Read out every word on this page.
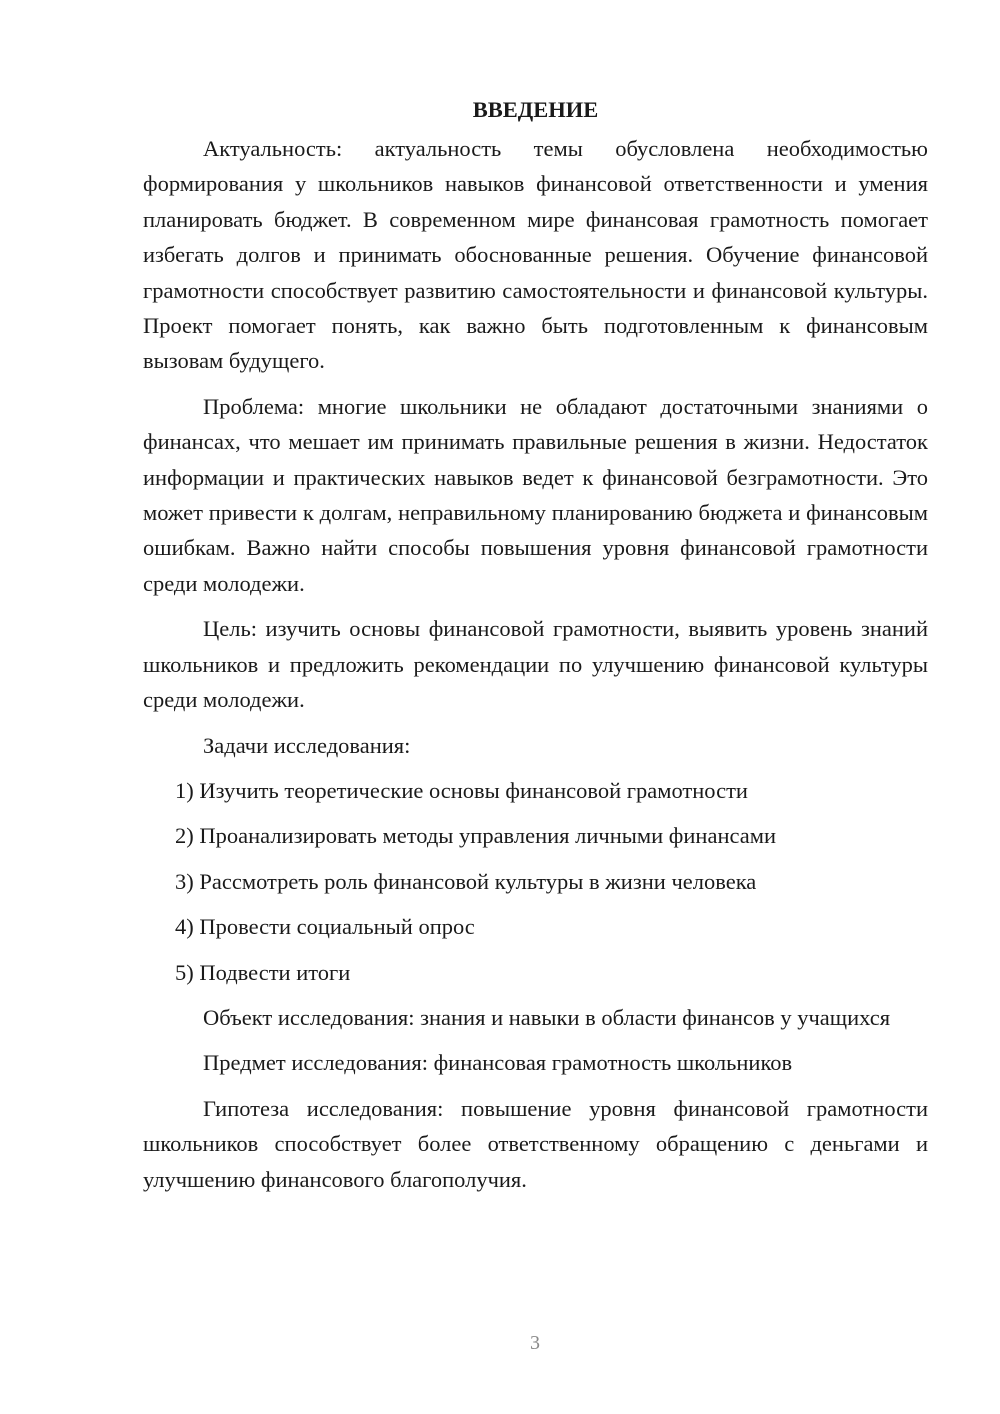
ВВЕДЕНИЕ

Актуальность: актуальность темы обусловлена необходимостью формирования у школьников навыков финансовой ответственности и умения планировать бюджет. В современном мире финансовая грамотность помогает избегать долгов и принимать обоснованные решения. Обучение финансовой грамотности способствует развитию самостоятельности и финансовой культуры. Проект помогает понять, как важно быть подготовленным к финансовым вызовам будущего.

Проблема: многие школьники не обладают достаточными знаниями о финансах, что мешает им принимать правильные решения в жизни. Недостаток информации и практических навыков ведет к финансовой безграмотности. Это может привести к долгам, неправильному планированию бюджета и финансовым ошибкам. Важно найти способы повышения уровня финансовой грамотности среди молодежи.

Цель: изучить основы финансовой грамотности, выявить уровень знаний школьников и предложить рекомендации по улучшению финансовой культуры среди молодежи.

Задачи исследования:

1) Изучить теоретические основы финансовой грамотности
2) Проанализировать методы управления личными финансами
3) Рассмотреть роль финансовой культуры в жизни человека
4) Провести социальный опрос
5) Подвести итоги

Объект исследования: знания и навыки в области финансов у учащихся

Предмет исследования: финансовая грамотность школьников

Гипотеза исследования: повышение уровня финансовой грамотности школьников способствует более ответственному обращению с деньгами и улучшению финансового благополучия.

3
